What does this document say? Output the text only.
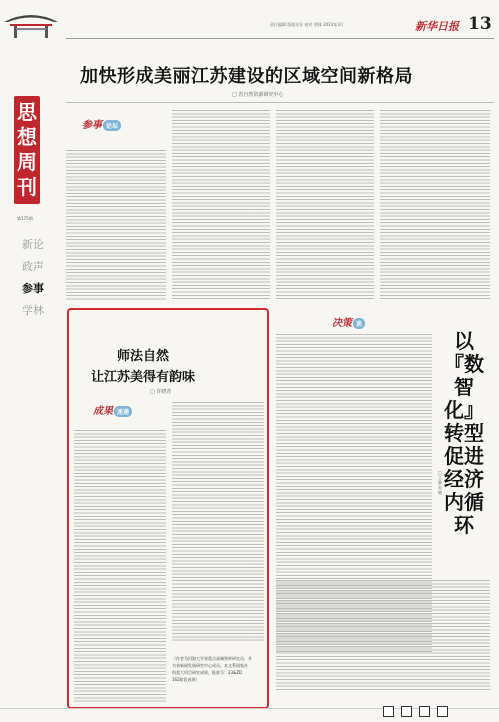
责任编辑 版面设计 校对 照排 2024年3月	新华日报 13
加快形成美丽江苏建设的区域空间新格局
□ 省自然资源研究中心
思想周刊
第175期
新论
政声
参事
学林
参事 论坛
师法自然
让江苏美得有韵味
□ 许晓青
成果 速递
（作者为河海大学省重点高端智库研究员，并
为省新闻发展研究中心成员。本文系国家社
科重大项目研究成果，批准号：23&ZD
162阶段成果）
决策 谈
以『数智化』转型促进经济内循环
□ 王静 朱晓
